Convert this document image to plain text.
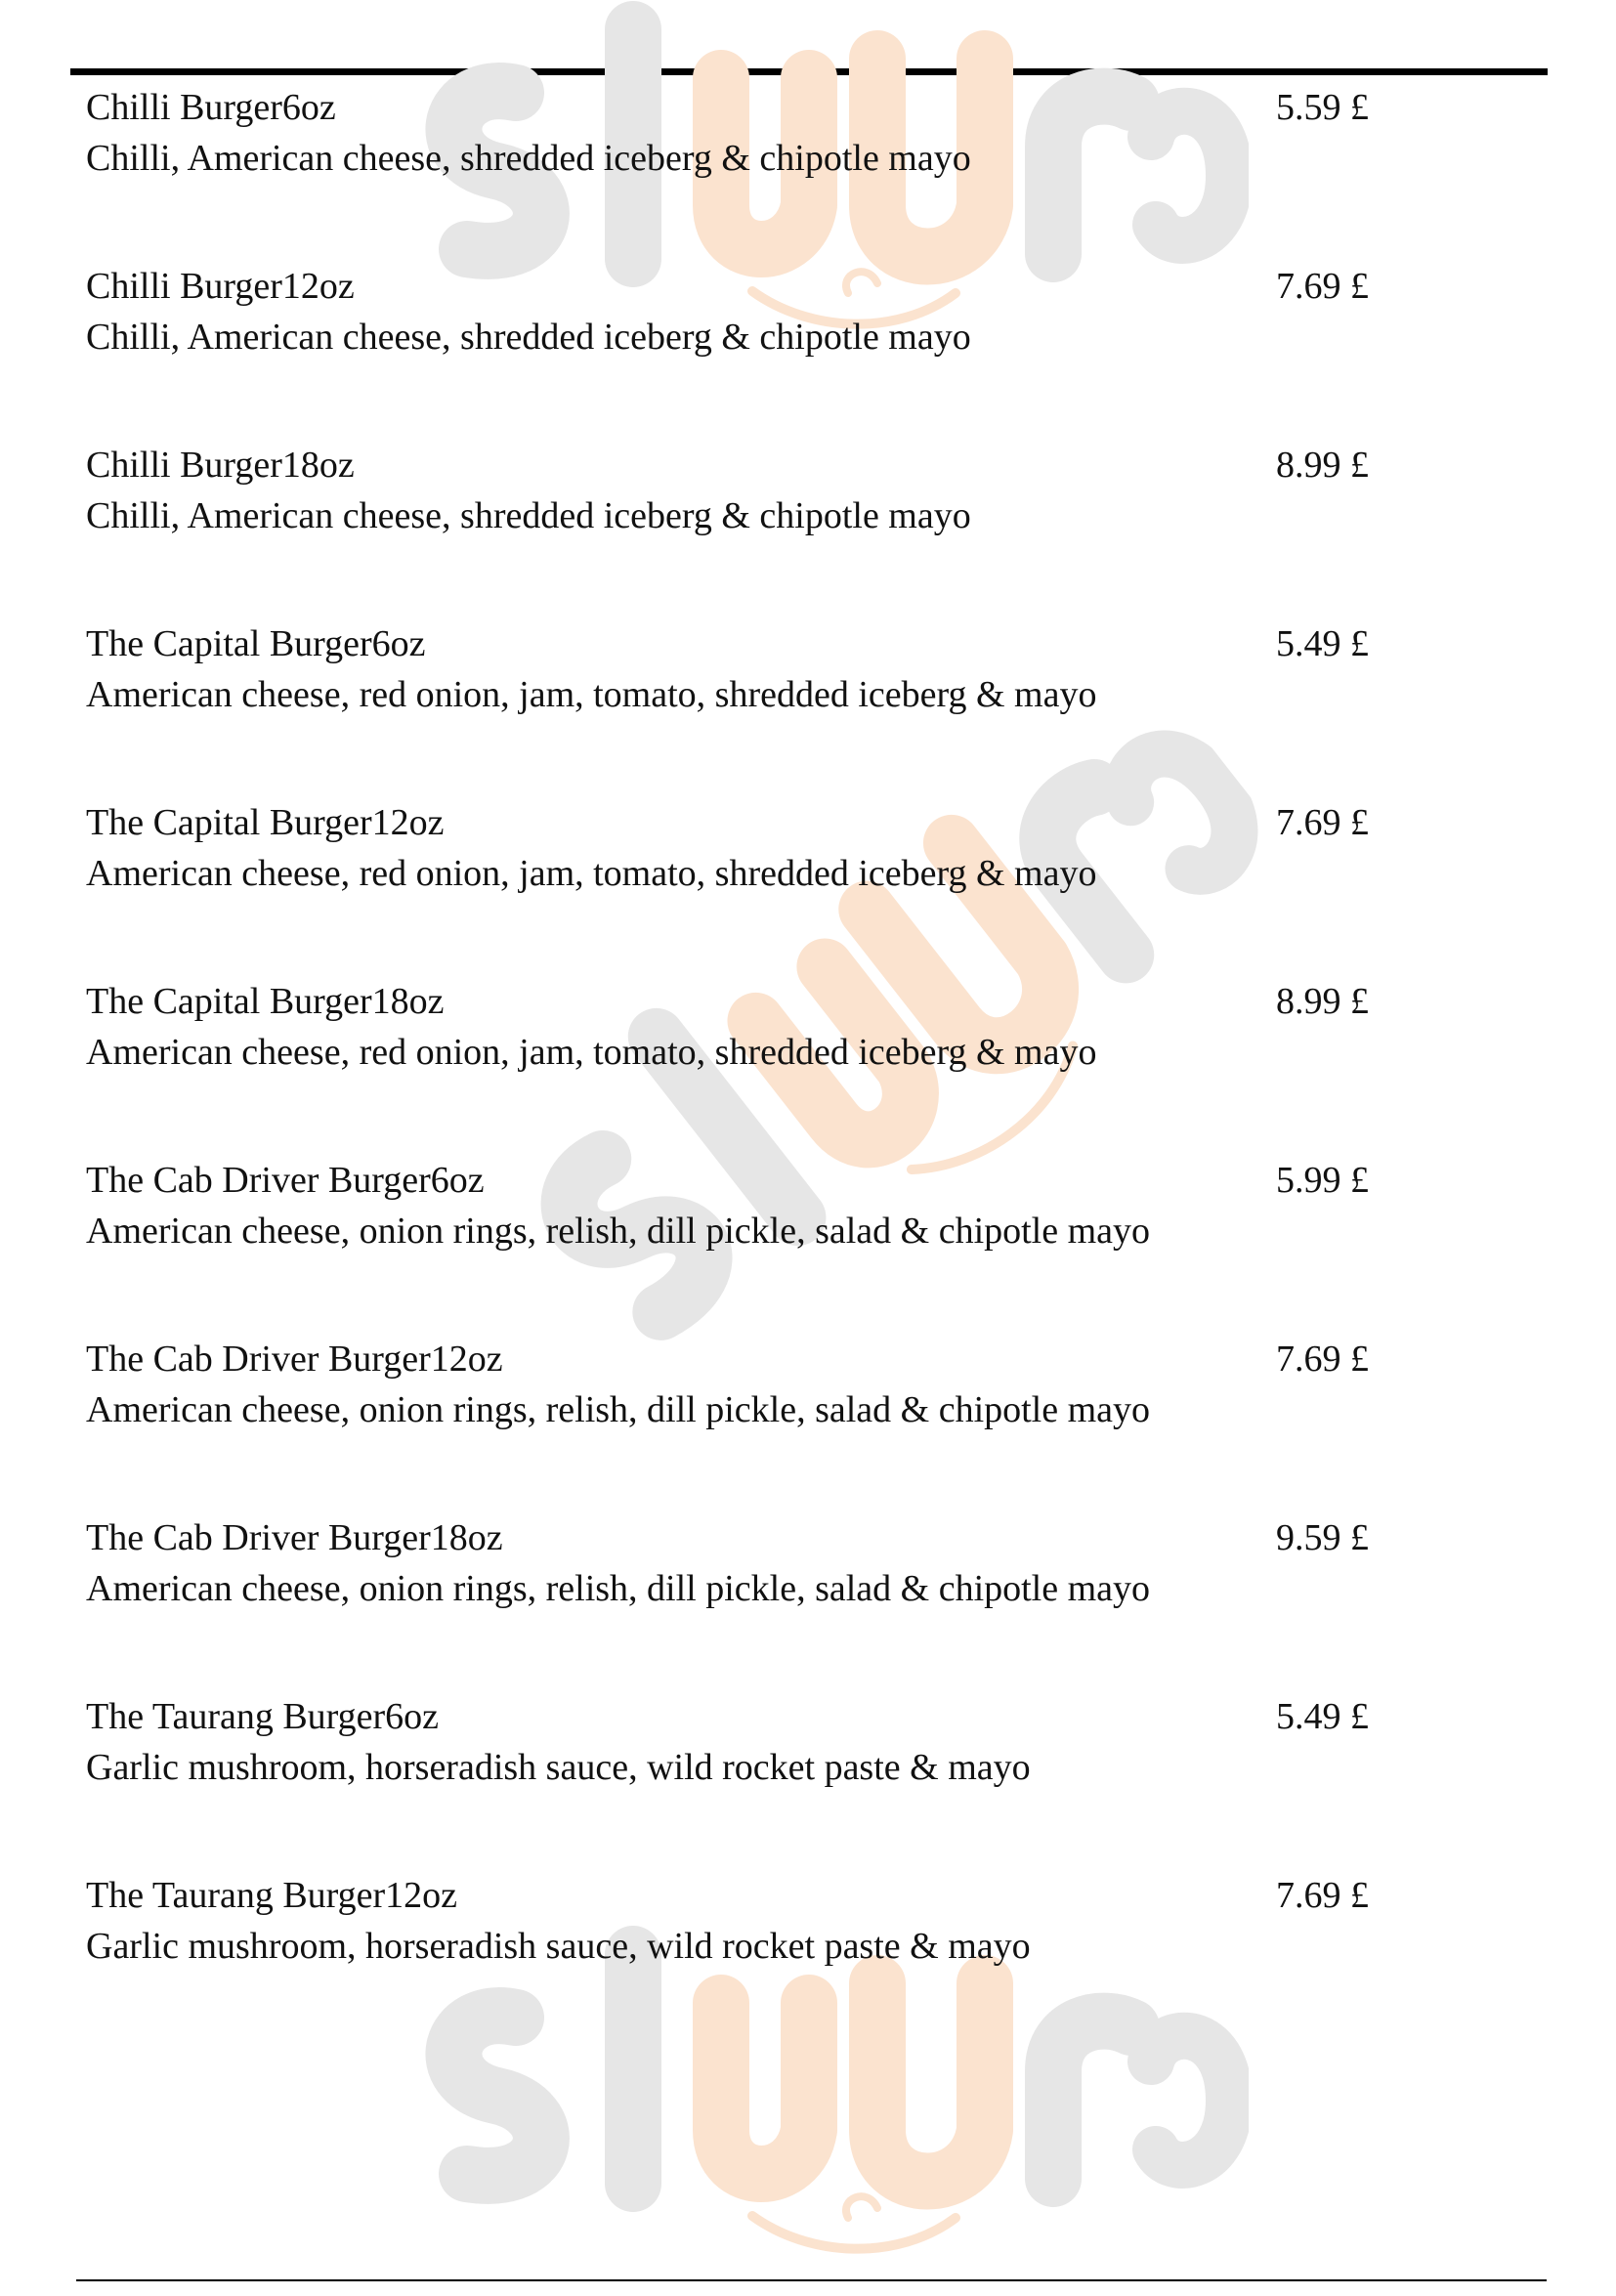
Chilli Burger6oz
Chilli, American cheese, shredded iceberg & chipotle mayo
5.59 £
Chilli Burger12oz
Chilli, American cheese, shredded iceberg & chipotle mayo
7.69 £
Chilli Burger18oz
Chilli, American cheese, shredded iceberg & chipotle mayo
8.99 £
The Capital Burger6oz
American cheese, red onion, jam, tomato, shredded iceberg & mayo
5.49 £
The Capital Burger12oz
American cheese, red onion, jam, tomato, shredded iceberg & mayo
7.69 £
The Capital Burger18oz
American cheese, red onion, jam, tomato, shredded iceberg & mayo
8.99 £
The Cab Driver Burger6oz
American cheese, onion rings, relish, dill pickle, salad & chipotle mayo
5.99 £
The Cab Driver Burger12oz
American cheese, onion rings, relish, dill pickle, salad & chipotle mayo
7.69 £
The Cab Driver Burger18oz
American cheese, onion rings, relish, dill pickle, salad & chipotle mayo
9.59 £
The Taurang Burger6oz
Garlic mushroom, horseradish sauce, wild rocket paste & mayo
5.49 £
The Taurang Burger12oz
Garlic mushroom, horseradish sauce, wild rocket paste & mayo
7.69 £
